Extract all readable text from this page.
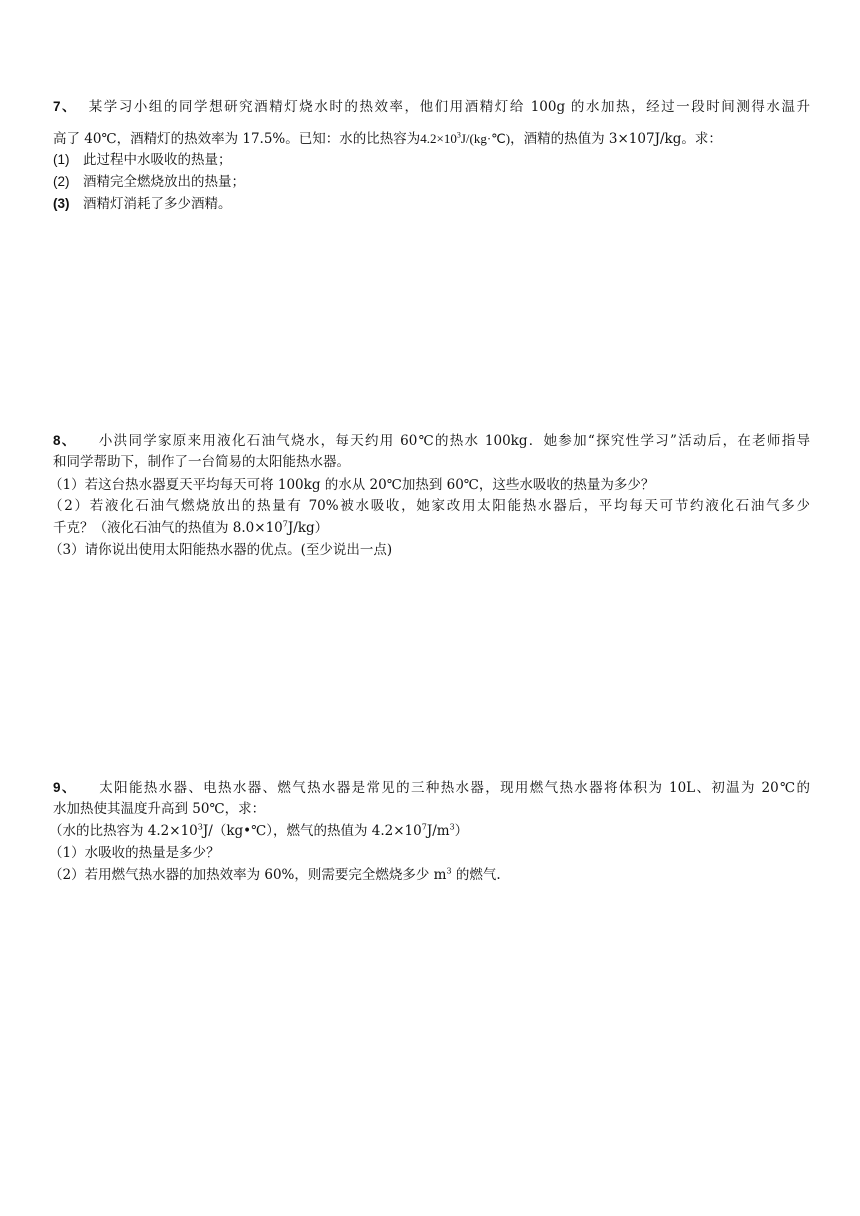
7、 某学习小组的同学想研究酒精灯烧水时的热效率，他们用酒精灯给 100g 的水加热，经过一段时间测得水温升
高了 40℃，酒精灯的热效率为 17.5%。已知：水的比热容为$4.2\times 10^3J/(kg\cdot℃)$，酒精的热值为 3×107J/kg。求：
(1) 此过程中水吸收的热量；
(2) 酒精完全燃烧放出的热量；
(3) 酒精灯消耗了多少酒精。
8、 小洪同学家原来用液化石油气烧水，每天约用 60℃的热水 100kg．她参加“探究性学习”活动后，在老师指导
和同学帮助下，制作了一台简易的太阳能热水器。
（1）若这台热水器夏天平均每天可将 100kg 的水从 20℃加热到 60℃，这些水吸收的热量为多少？
（2）若液化石油气燃烧放出的热量有 70%被水吸收，她家改用太阳能热水器后，平均每天可节约液化石油气多少
千克？（液化石油气的热值为 $8.0\times 10^7J/kg$）
（3）请你说出使用太阳能热水器的优点。(至少说出一点)
9、 太阳能热水器、电热水器、燃气热水器是常见的三种热水器，现用燃气热水器将体积为 10L、初温为 20℃的
水加热使其温度升高到 50℃，求：
（水的比热容为 $4.2\times 10^3J/(kg•℃)$，燃气的热值为 $4.2\times 10^7J/m^3$）
（1）水吸收的热量是多少？
（2）若用燃气热水器的加热效率为 60%，则需要完全燃烧多少 $m^3$ 的燃气.
